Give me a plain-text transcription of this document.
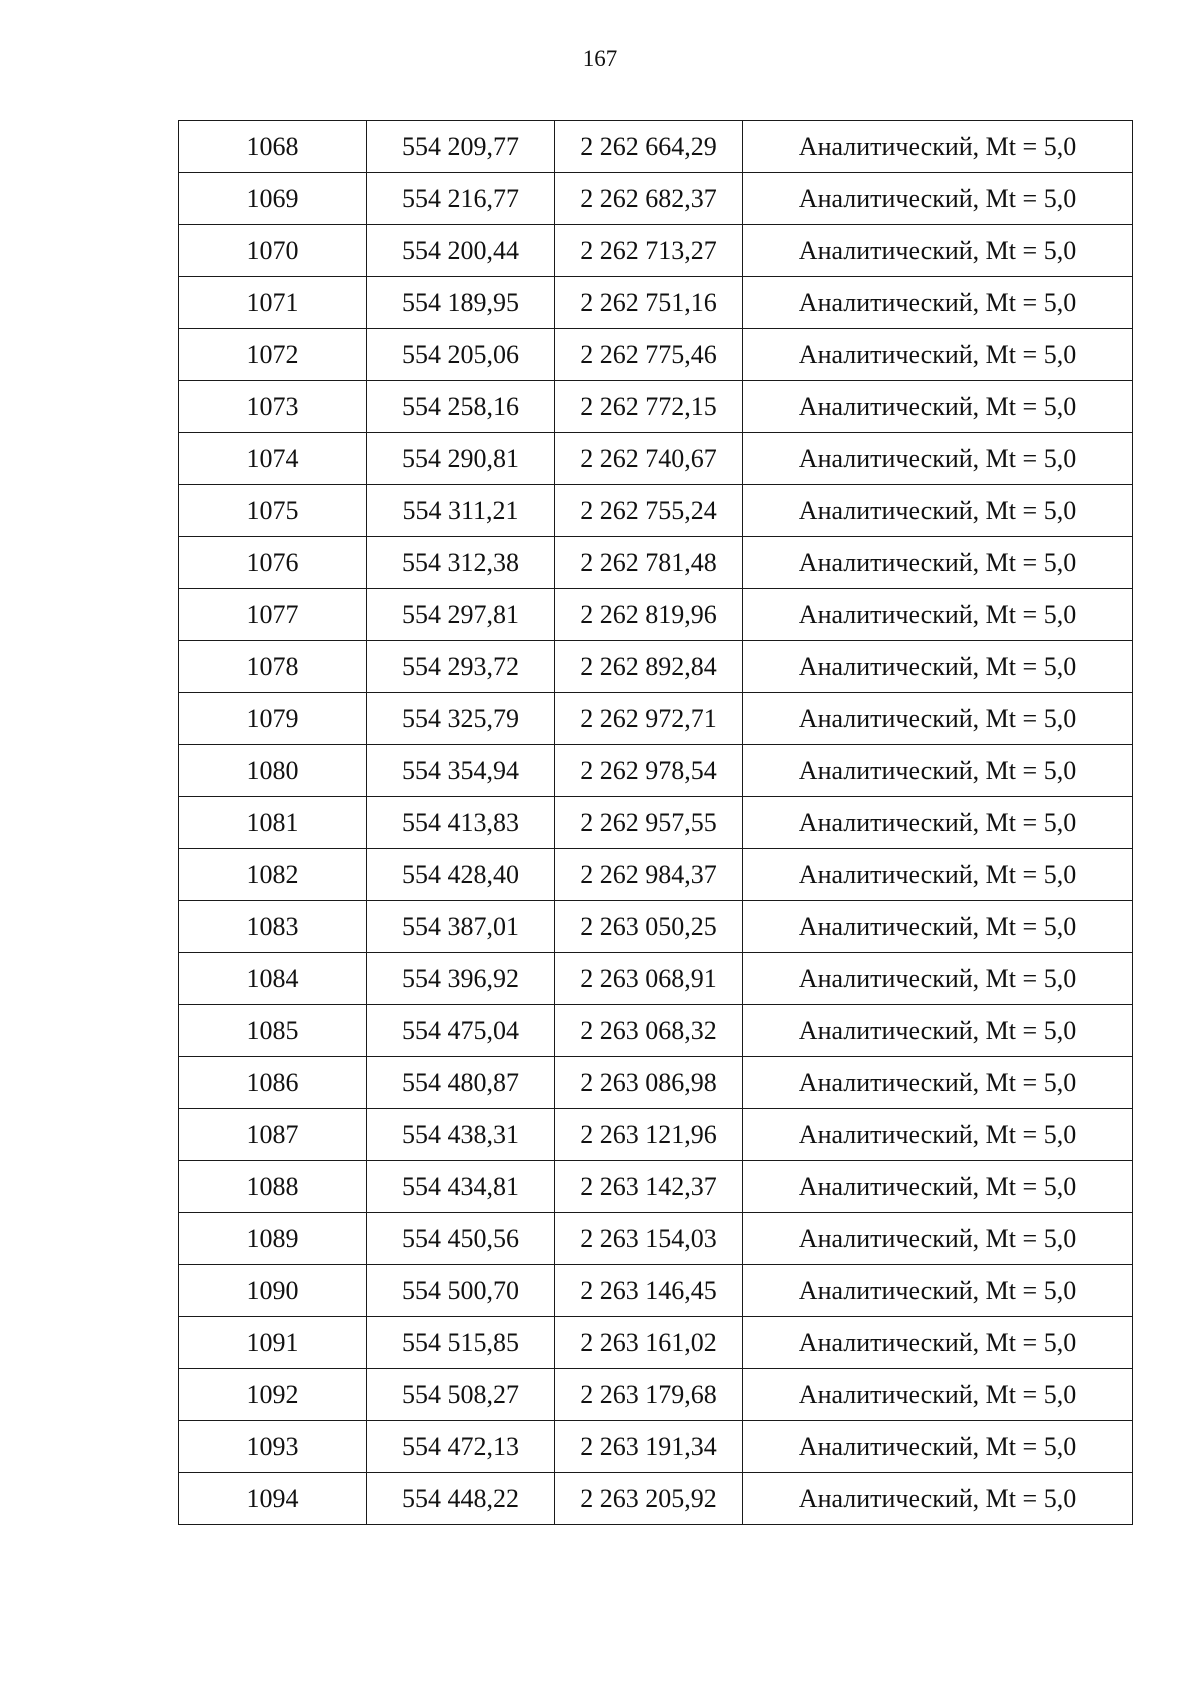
167
1068	554 209,77	2 262 664,29	Аналитический, Mt = 5,0
1069	554 216,77	2 262 682,37	Аналитический, Mt = 5,0
1070	554 200,44	2 262 713,27	Аналитический, Mt = 5,0
1071	554 189,95	2 262 751,16	Аналитический, Mt = 5,0
1072	554 205,06	2 262 775,46	Аналитический, Mt = 5,0
1073	554 258,16	2 262 772,15	Аналитический, Mt = 5,0
1074	554 290,81	2 262 740,67	Аналитический, Mt = 5,0
1075	554 311,21	2 262 755,24	Аналитический, Mt = 5,0
1076	554 312,38	2 262 781,48	Аналитический, Mt = 5,0
1077	554 297,81	2 262 819,96	Аналитический, Mt = 5,0
1078	554 293,72	2 262 892,84	Аналитический, Mt = 5,0
1079	554 325,79	2 262 972,71	Аналитический, Mt = 5,0
1080	554 354,94	2 262 978,54	Аналитический, Mt = 5,0
1081	554 413,83	2 262 957,55	Аналитический, Mt = 5,0
1082	554 428,40	2 262 984,37	Аналитический, Mt = 5,0
1083	554 387,01	2 263 050,25	Аналитический, Mt = 5,0
1084	554 396,92	2 263 068,91	Аналитический, Mt = 5,0
1085	554 475,04	2 263 068,32	Аналитический, Mt = 5,0
1086	554 480,87	2 263 086,98	Аналитический, Mt = 5,0
1087	554 438,31	2 263 121,96	Аналитический, Mt = 5,0
1088	554 434,81	2 263 142,37	Аналитический, Mt = 5,0
1089	554 450,56	2 263 154,03	Аналитический, Mt = 5,0
1090	554 500,70	2 263 146,45	Аналитический, Mt = 5,0
1091	554 515,85	2 263 161,02	Аналитический, Mt = 5,0
1092	554 508,27	2 263 179,68	Аналитический, Mt = 5,0
1093	554 472,13	2 263 191,34	Аналитический, Mt = 5,0
1094	554 448,22	2 263 205,92	Аналитический, Mt = 5,0
